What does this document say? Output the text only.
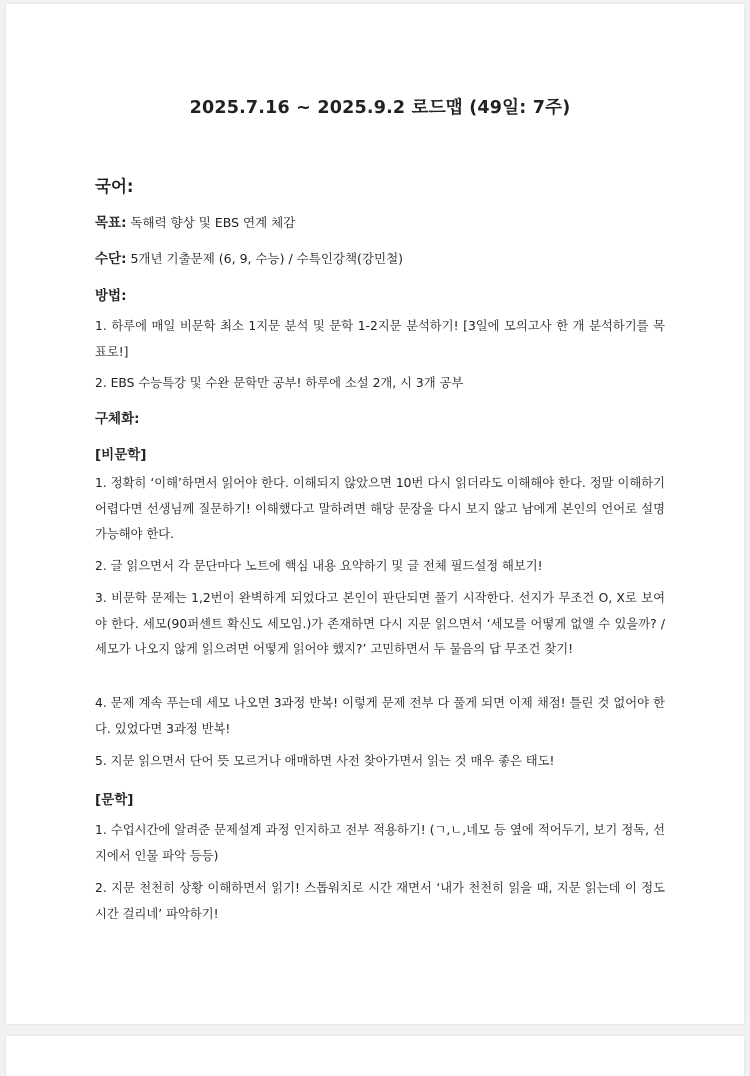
2025.7.16 ~ 2025.9.2 로드맵 (49일: 7주)
국어:
목표: 독해력 향상 및 EBS 연계 체감
수단: 5개년 기출문제 (6, 9, 수능) / 수특인강책(강민철)
방법:
1. 하루에 매일 비문학 최소 1지문 분석 및 문학 1-2지문 분석하기! [3일에 모의고사 한 개 분석하기를 목표로!]
2. EBS 수능특강 및 수완 문학만 공부! 하루에 소설 2개, 시 3개 공부
구체화:
[비문학]
1. 정확히 ‘이해’하면서 읽어야 한다. 이해되지 않았으면 10번 다시 읽더라도 이해해야 한다. 정말 이해하기 어렵다면 선생님께 질문하기! 이해했다고 말하려면 해당 문장을 다시 보지 않고 남에게 본인의 언어로 설명 가능해야 한다.
2. 글 읽으면서 각 문단마다 노트에 핵심 내용 요약하기 및 글 전체 필드설정 해보기!
3. 비문학 문제는 1,2번이 완벽하게 되었다고 본인이 판단되면 풀기 시작한다. 선지가 무조건 O, X로 보여야 한다. 세모(90퍼센트 확신도 세모임.)가 존재하면 다시 지문 읽으면서 ‘세모를 어떻게 없앨 수 있을까? / 세모가 나오지 않게 읽으려면 어떻게 읽어야 했지?’ 고민하면서 두 물음의 답 무조건 찾기!
4. 문제 계속 푸는데 세모 나오면 3과정 반복! 이렇게 문제 전부 다 풀게 되면 이제 채점! 틀린 것 없어야 한다. 있었다면 3과정 반복!
5. 지문 읽으면서 단어 뜻 모르거나 애매하면 사전 찾아가면서 읽는 것 매우 좋은 태도!
[문학]
1. 수업시간에 알려준 문제설계 과정 인지하고 전부 적용하기! (ㄱ,ㄴ,네모 등 옆에 적어두기, 보기 정독, 선지에서 인물 파악 등등)
2. 지문 천천히 상황 이해하면서 읽기! 스톱워치로 시간 재면서 ‘내가 천천히 읽을 때, 지문 읽는데 이 정도 시간 걸리네’ 파악하기!
